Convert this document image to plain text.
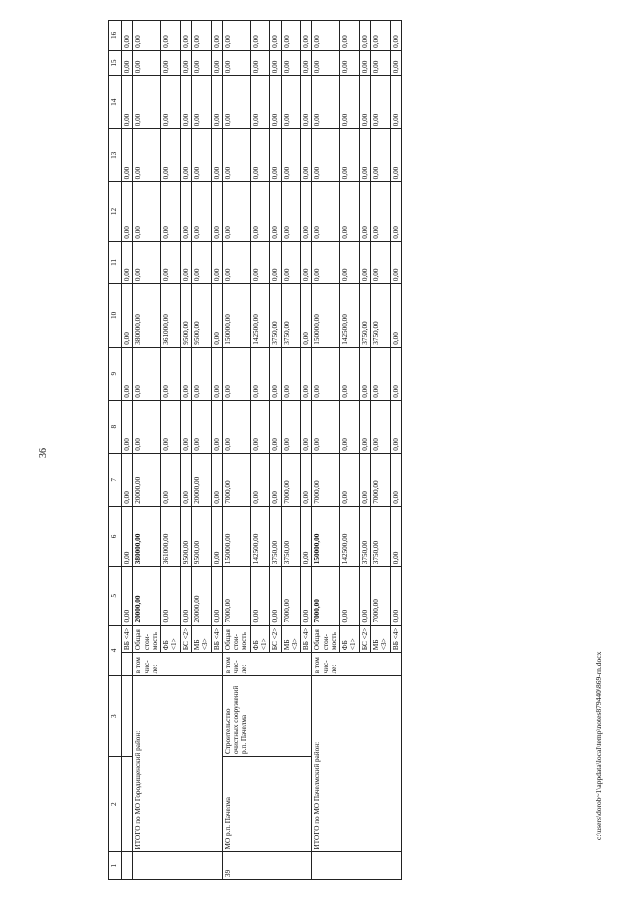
36
c:\users\dorob~1\appdata\local\temp\notes879440\869-rn.docx
1	2	3	4		5	6	7	8	9	10	11	12	13	14	15	16
				ВБ <4>	0,00	0,00	0,00	0,00	0,00	0,00	0,00	0,00	0,00	0,00	0,00	0,00
	ИТОГО по МО Городищенский район:		в том чис-ле:	Общая стои-мость	20000,00	380000,00	20000,00	0,00	0,00	380000,00	0,00	0,00	0,00	0,00	0,00	0,00
				ФБ <1>	0,00	361000,00	0,00	0,00	0,00	361000,00	0,00	0,00	0,00	0,00	0,00	0,00
				БС <2>	0,00	9500,00	0,00	0,00	0,00	9500,00	0,00	0,00	0,00	0,00	0,00	0,00
				МБ <3>	20000,00	9500,00	20000,00	0,00	0,00	9500,00	0,00	0,00	0,00	0,00	0,00	0,00
				ВБ <4>	0,00	0,00	0,00	0,00	0,00	0,00	0,00	0,00	0,00	0,00	0,00	0,00
39	МО р.п. Пачелма	Строительство очистных сооружений р.п. Пачелма	в том чис-ле:	Общая стои-мость	7000,00	150000,00	7000,00	0,00	0,00	150000,00	0,00	0,00	0,00	0,00	0,00	0,00
				ФБ <1>	0,00	142500,00	0,00	0,00	0,00	142500,00	0,00	0,00	0,00	0,00	0,00	0,00
				БС <2>	0,00	3750,00	0,00	0,00	0,00	3750,00	0,00	0,00	0,00	0,00	0,00	0,00
				МБ <3>	7000,00	3750,00	7000,00	0,00	0,00	3750,00	0,00	0,00	0,00	0,00	0,00	0,00
				ВБ <4>	0,00	0,00	0,00	0,00	0,00	0,00	0,00	0,00	0,00	0,00	0,00	0,00
	ИТОГО по МО Пачелмский район:		в том чис-ле:	Общая стои-мость	7000,00	150000,00	7000,00	0,00	0,00	150000,00	0,00	0,00	0,00	0,00	0,00	0,00
				ФБ <1>	0,00	142500,00	0,00	0,00	0,00	142500,00	0,00	0,00	0,00	0,00	0,00	0,00
				БС <2>	0,00	3750,00	0,00	0,00	0,00	3750,00	0,00	0,00	0,00	0,00	0,00	0,00
				МБ <3>	7000,00	3750,00	7000,00	0,00	0,00	3750,00	0,00	0,00	0,00	0,00	0,00	0,00
				ВБ <4>	0,00	0,00	0,00	0,00	0,00	0,00	0,00	0,00	0,00	0,00	0,00	0,00
